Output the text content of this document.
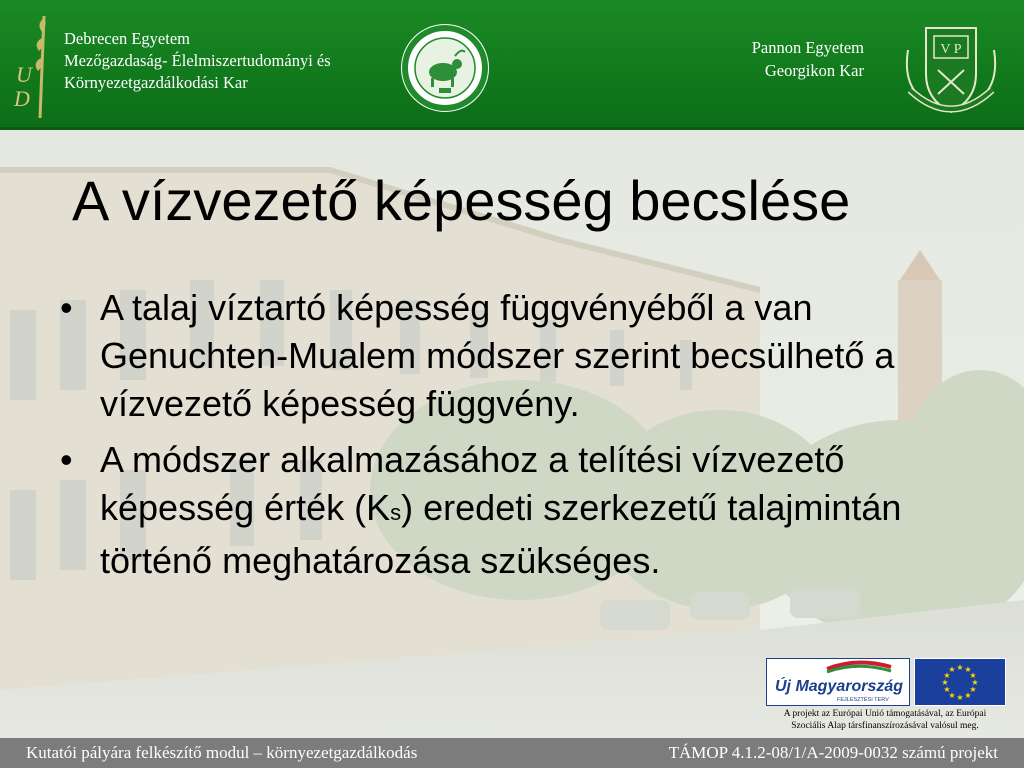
U
D
Debrecen Egyetem
Mezőgazdaság- Élelmiszertudományi és
Környezetgazdálkodási Kar
Pannon Egyetem
Georgikon Kar
V P
A vízvezető képesség becslése
• A talaj víztartó képesség függvényéből a van Genuchten-Mualem módszer szerint becsülhető a vízvezető képesség függvény.
• A módszer alkalmazásához a telítési vízvezető képesség érték (Ks) eredeti szerkezetű talajmintán történő meghatározása szükséges.
Új Magyarország
FEJLESZTÉSI TERV
★ ★
★
★
★
★
★
★
★
★
★
★
A projekt az Európai Unió támogatásával, az Európai
Szociális Alap társfinanszírozásával valósul meg.
Kutatói pályára felkészítő modul – környezetgazdálkodás	TÁMOP 4.1.2-08/1/A-2009-0032 számú projekt
